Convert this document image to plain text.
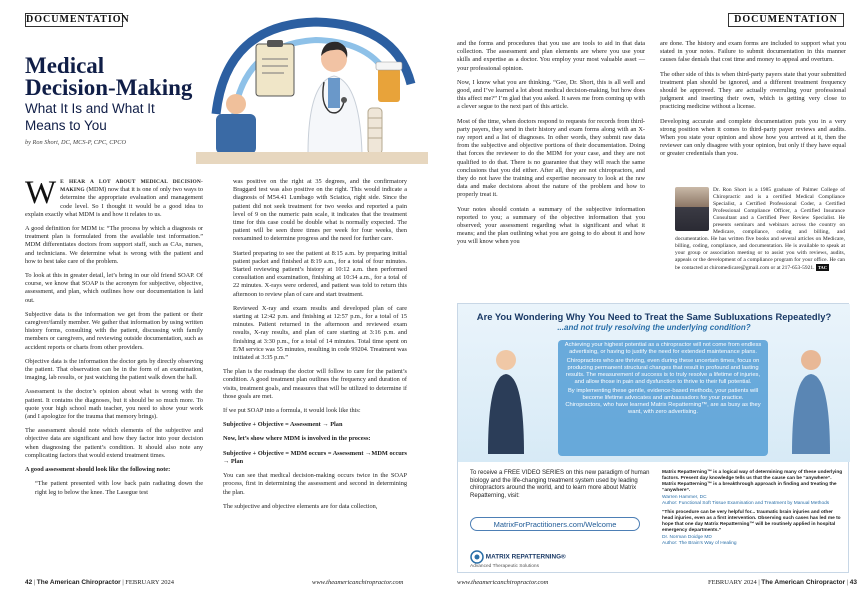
DOCUMENTATION
Medical
Decision-Making
What It Is and What It
Means to You
by Ron Short, DC, MCS-P, CPC, CPCO

W E HEAR A LOT ABOUT MEDICAL DECISION-MAKING (MDM) now that it is one of only two ways to determine the appropriate evaluation and management code level. So I thought it would be a good idea to explain exactly what MDM is and how it relates to us.

A good definition for MDM is: “The process by which a diagnosis or treatment plan is formulated from the available test information.” MDM differentiates doctors from support staff, such as CAs, nurses, and technicians. We determine what is wrong with the patient and how to best take care of the problem.

To look at this in greater detail, let’s bring in our old friend SOAP. Of course, we know that SOAP is the acronym for subjective, objective, assessment, and plan, which outlines how our documentation is laid out.

Subjective data is the information we get from the patient or their caregiver/family member. We gather that information by using written history forms, consulting with the patient, discussing with family members or caregivers, and reviewing outside documentation, such as accident reports or charts from other providers.

Objective data is the information the doctor gets by directly observing the patient. That observation can be in the form of an examination, imaging, lab results, or just watching the patient walk down the hall.

Assessment is the doctor’s opinion about what is wrong with the patient. It contains the diagnoses, but it should be so much more. To quote your high school math teacher, you need to show your work (and I apologize for the trauma that memory brings).

The assessment should note which elements of the subjective and objective data are significant and how they factor into your decision when diagnosing the patient’s condition. It should also note any complicating factors that would extend treatment times.

A good assessment should look like the following note:

“The patient presented with low back pain radiating down the right leg to below the knee. The Lasegue test

was positive on the right at 35 degrees, and the confirmatory Braggard test was also positive on the right. This would indicate a diagnosis of M54.41 Lumbago with Sciatica, right side. Since the patient did not seek treatment for two weeks and reported a pain level of 9 on the numeric pain scale, it indicates that the treatment time for this case could be double what is normally expected. The patient will be seen three times per week for four weeks, then reexamined to determine progress and the need for further care.

Started preparing to see the patient at 8:15 a.m. by preparing initial patient packet and finished at 8:19 a.m., for a total of four minutes. Started reviewing patient’s history at 10:12 a.m. then performed consultation and examination, finishing at 10:34 a.m., for a total of 22 minutes. X-rays were ordered, and patient was told to return this afternoon to review plan of care and start treatment.

Reviewed X-ray and exam results and developed plan of care starting at 12:42 p.m. and finishing at 12:57 p.m., for a total of 15 minutes. Patient returned in the afternoon and reviewed exam results, X-ray results, and plan of care starting at 3:16 p.m. and finishing at 3:30 p.m., for a total of 14 minutes. Total time spent on E/M service was 55 minutes, resulting in code 99204. Treatment was initiated at 3:35 p.m.”

The plan is the roadmap the doctor will follow to care for the patient’s condition. A good treatment plan outlines the frequency and duration of visits, treatment goals, and measures that will be utilized to determine if those goals are met.

If we put SOAP into a formula, it would look like this:

Subjective + Objective = Assessment → Plan

Now, let’s show where MDM is involved in the process:

Subjective + Objective = MDM occurs = Assessment →MDM occurs → Plan

You can see that medical decision-making occurs twice in the SOAP process, first in determining the assessment and second in determining the plan.

The subjective and objective elements are for data collection,

42 | The American Chiropractor | FEBRUARY 2024	www.theamericanchiropractor.com
DOCUMENTATION

and the forms and procedures that you use are tools to aid in that data collection. The assessment and plan elements are where you use your skills and expertise as a doctor. You employ your most valuable asset — your professional opinion.

Now, I know what you are thinking. “Gee, Dr. Short, this is all well and good, and I’ve learned a lot about medical decision-making, but how does this affect me?” I’m glad that you asked. It saves me from coming up with a clever segue to the next part of this article.

Most of the time, when doctors respond to requests for records from third-party payers, they send in their history and exam forms along with an X-ray report and a list of diagnoses. In other words, they submit raw data from the subjective and objective portions of their documentation. Doing that forces the reviewer to do the MDM for your case, and they are not qualified to do that. There is no guarantee that they will reach the same conclusions that you did either. After all, they are not chiropractors, and they do not have the training and expertise necessary to look at the raw data and make decisions about the nature of the problem and how to properly treat it.

Your notes should contain a summary of the subjective information reported to you; a summary of the objective information that you observed; your assessment regarding what is significant and what it means; and the plan outlining what you are going to do about it and how you will know when you

are done. The history and exam forms are included to support what you stated in your notes. Failure to submit documentation in this manner causes false denials that cost time and money to appeal and overturn.

The other side of this is when third-party payers state that your submitted treatment plan should be ignored, and a different treatment frequency should be approved. They are actually overruling your professional judgment and inserting their own, which is getting very close to practicing medicine without a license.

Developing accurate and complete documentation puts you in a very strong position when it comes to third-party payer reviews and audits. When you state your opinion and show how you arrived at it, then the reviewer can only disagree with your opinion, but only if they have equal or greater credentials than you.

Dr. Ron Short is a 1985 graduate of Palmer College of Chiropractic and is a certified Medical Compliance Specialist, a Certified Professional Coder, a Certified Professional Compliance Officer, a Certified Insurance Consultant and a Certified Peer Review Specialist. He presents seminars and webinars across the country on Medicare, compliance, coding and billing, and documentation. He has written five books and several articles on Medicare, billing, coding, compliance, and documentation. He is available to speak at your group or association meeting or to assist you with reviews, audits, appeals or the development of a compliance program for your office. He can be contacted at chiromedicare@gmail.com or at 217-653-5921. TAC
Are You Wondering Why You Need to Treat the Same Subluxations Repeatedly?
...and not truly resolving the underlying condition?

Achieving your highest potential as a chiropractor will not come from endless advertising, or having to justify the need for extended maintenance plans.

Chiropractors who are thriving, even during these uncertain times, focus on producing permanent structural changes that result in profound and lasting results. The measurement of success is to truly resolve a lifetime of injuries, and allow those in pain and dysfunction to thrive to their full potential.

By implementing these gentle, evidence-based methods, your patients will become lifetime advocates and ambassadors for your practice. Chiropractors, who have learned Matrix Repatterning™, are as busy as they want, with zero advertising.

To receive a FREE VIDEO SERIES on this new paradigm of human biology and the life-changing treatment system used by leading chiropractors around the world, and to learn more about Matrix Repatterning, visit:
MatrixForPractitioners.com/Welcome
MATRIX REPATTERNING®
Advanced Therapeutic Solutions
Matrix Repatterning™ is a logical way of determining many of these underlying factors. Present day knowledge tells us that the cause can be “anywhere”. Matrix Repatterning™ is a breakthrough approach in finding and treating the “anywhere”.
Warren Hammer, DC
Author: Functional Soft Tissue Examination and Treatment by Manual Methods
“This procedure can be very helpful for... traumatic brain injuries and other head injuries, even as a first intervention. Observing such cases has led me to hope that one day Matrix Repatterning™ will be routinely applied in hospital emergency departments.”
Dr. Norman Doidge MD
Author: The Brain’s Way of Healing
www.theamericanchiropractor.com	FEBRUARY 2024 | The American Chiropractor | 43
